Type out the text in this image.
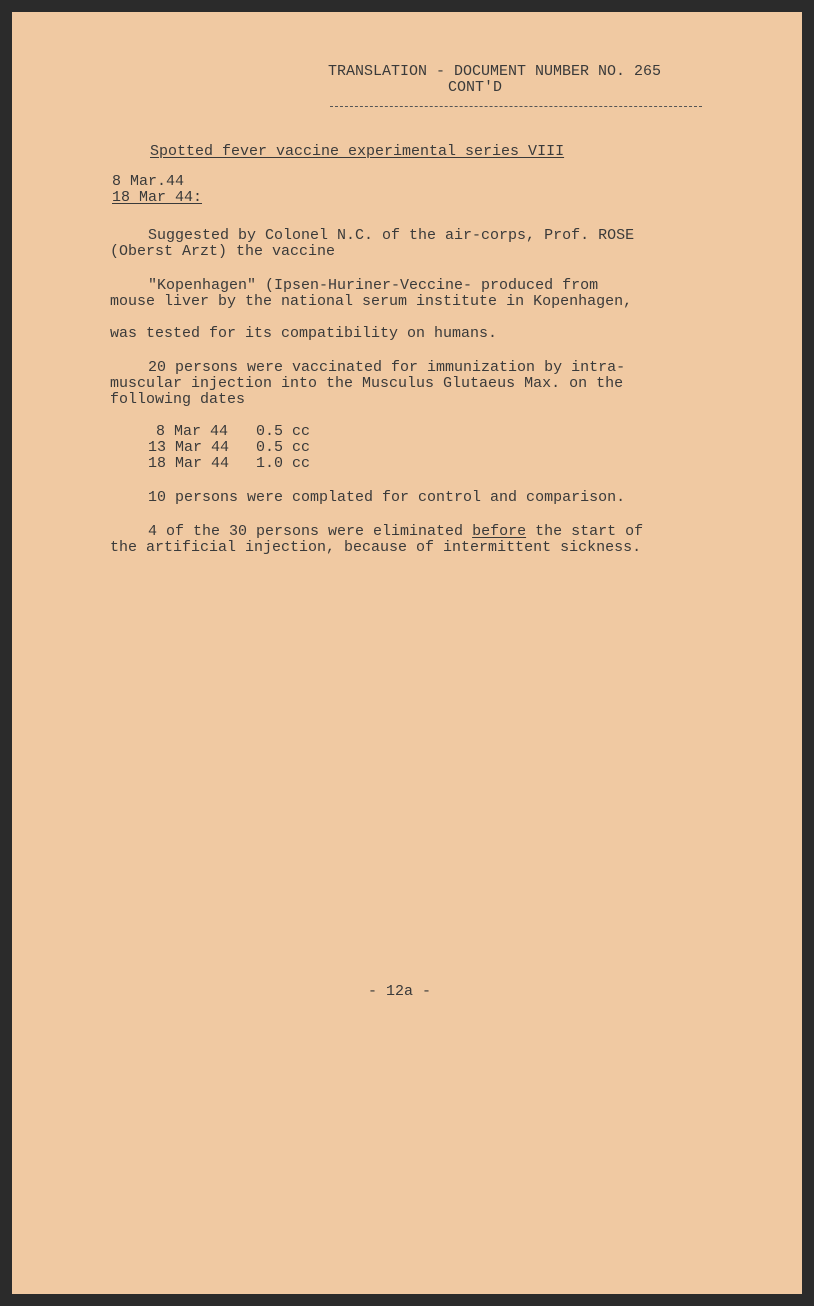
TRANSLATION - DOCUMENT NUMBER NO. 265
CONT'D
Spotted fever vaccine experimental series VIII
8 Mar.44
18 Mar 44:
Suggested by Colonel N.C. of the air-corps, Prof. ROSE
(Oberst Arzt) the vaccine
"Kopenhagen" (Ipsen-Huriner-Veccine- produced from
mouse liver by the national serum institute in Kopenhagen,
was tested for its compatibility on humans.
20 persons were vaccinated for immunization by intra-
muscular injection into the Musculus Glutaeus Max. on the
following dates
8 Mar 44 0.5 cc
13 Mar 44 0.5 cc
18 Mar 44 1.0 cc
10 persons were complated for control and comparison.
4 of the 30 persons were eliminated before the start of
the artificial injection, because of intermittent sickness.
- 12a -
